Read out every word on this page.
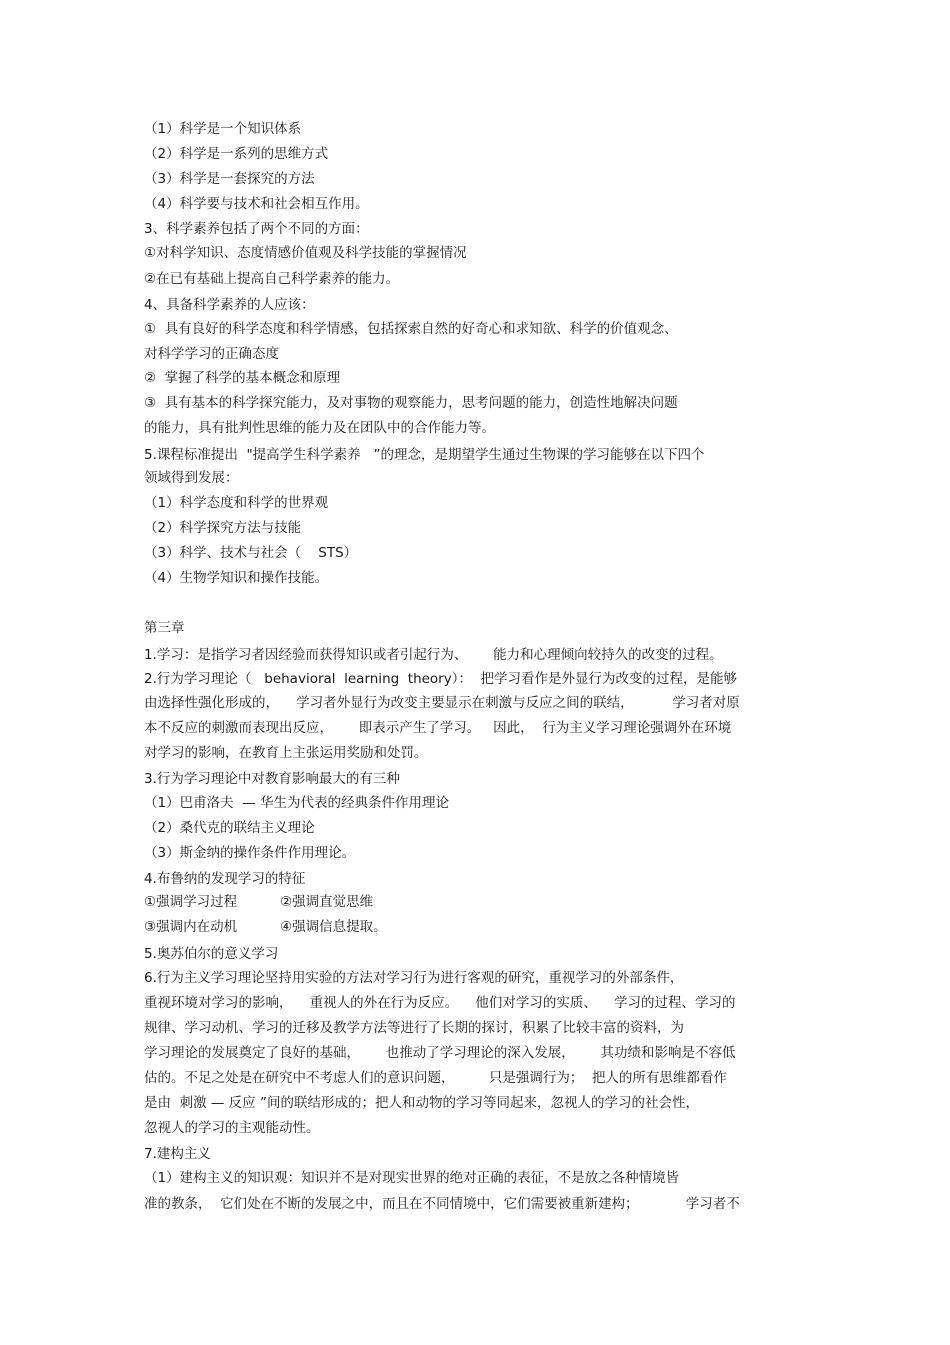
（1）科学是一个知识体系
（2）科学是一系列的思维方式
（3）科学是一套探究的方法
（4）科学要与技术和社会相互作用。
3、科学素养包括了两个不同的方面：
①对科学知识、态度情感价值观及科学技能的掌握情况
②在已有基础上提高自己科学素养的能力。
4、具备科学素养的人应该：
①  具有良好的科学态度和科学情感，包括探索自然的好奇心和求知欲、科学的价值观念、
对科学学习的正确态度
②  掌握了科学的基本概念和原理
③  具有基本的科学探究能力，及对事物的观察能力，思考问题的能力，创造性地解决问题
的能力，具有批判性思维的能力及在团队中的合作能力等。
5.课程标准提出  "提高学生科学素养   ”的理念，是期望学生通过生物课的学习能够在以下四个
领域得到发展：
（1）科学态度和科学的世界观
（2）科学探究方法与技能
（3）科学、技术与社会（    STS）
（4）生物学知识和操作技能。
第三章
1.学习：是指学习者因经验而获得知识或者引起行为、      能力和心理倾向较持久的改变的过程。
2.行为学习理论（   behavioral  learning  theory）：  把学习看作是外显行为改变的过程，是能够
由选择性强化形成的，    学习者外显行为改变主要显示在刺激与反应之间的联结，         学习者对原
本不反应的刺激而表现出反应，      即表示产生了学习。   因此，  行为主义学习理论强调外在环境
对学习的影响，在教育上主张运用奖励和处罚。
3.行为学习理论中对教育影响最大的有三种
（1）巴甫洛夫  — 华生为代表的经典条件作用理论
（2）桑代克的联结主义理论
（3）斯金纳的操作条件作用理论。
4.布鲁纳的发现学习的特征
①强调学习过程          ②强调直觉思维
③强调内在动机          ④强调信息提取。
5.奥苏伯尔的意义学习
6.行为主义学习理论坚持用实验的方法对学习行为进行客观的研究，重视学习的外部条件，
重视环境对学习的影响，    重视人的外在行为反应。    他们对学习的实质、    学习的过程、学习的
规律、学习动机、学习的迁移及教学方法等进行了长期的探讨，积累了比较丰富的资料，为
学习理论的发展奠定了良好的基础，      也推动了学习理论的深入发展，      其功绩和影响是不容低
估的。不足之处是在研究中不考虑人们的意识问题，        只是强调行为；  把人的所有思维都看作
是由  刺激 — 反应 ”间的联结形成的；把人和动物的学习等同起来，忽视人的学习的社会性，
忽视人的学习的主观能动性。
7.建构主义
（1）建构主义的知识观：知识并不是对现实世界的绝对正确的表征，不是放之各种情境皆
准的教条，  它们处在不断的发展之中，而且在不同情境中，它们需要被重新建构；           学习者不
